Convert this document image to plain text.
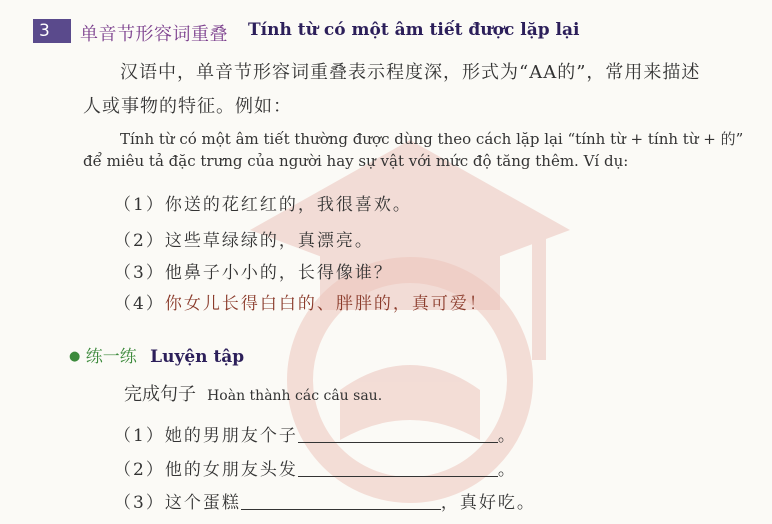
3	单音节形容词重叠 Tính từ có một âm tiết được lặp lại
汉语中，单音节形容词重叠表示程度深，形式为“AA的”，常用来描述
人或事物的特征。例如：
Tính từ có một âm tiết thường được dùng theo cách lặp lại “tính từ + tính từ + 的”
để miêu tả đặc trưng của người hay sự vật với mức độ tăng thêm. Ví dụ:
（1）你送的花红红的，我很喜欢。
（2）这些草绿绿的，真漂亮。
（3）他鼻子小小的，长得像谁？
（4）你女儿长得白白的、胖胖的，真可爱！
● 练一练 Luyện tập
完成句子 Hoàn thành các câu sau.
（1）她的男朋友个子	。
（2）他的女朋友头发	。
（3）这个蛋糕	，真好吃。
